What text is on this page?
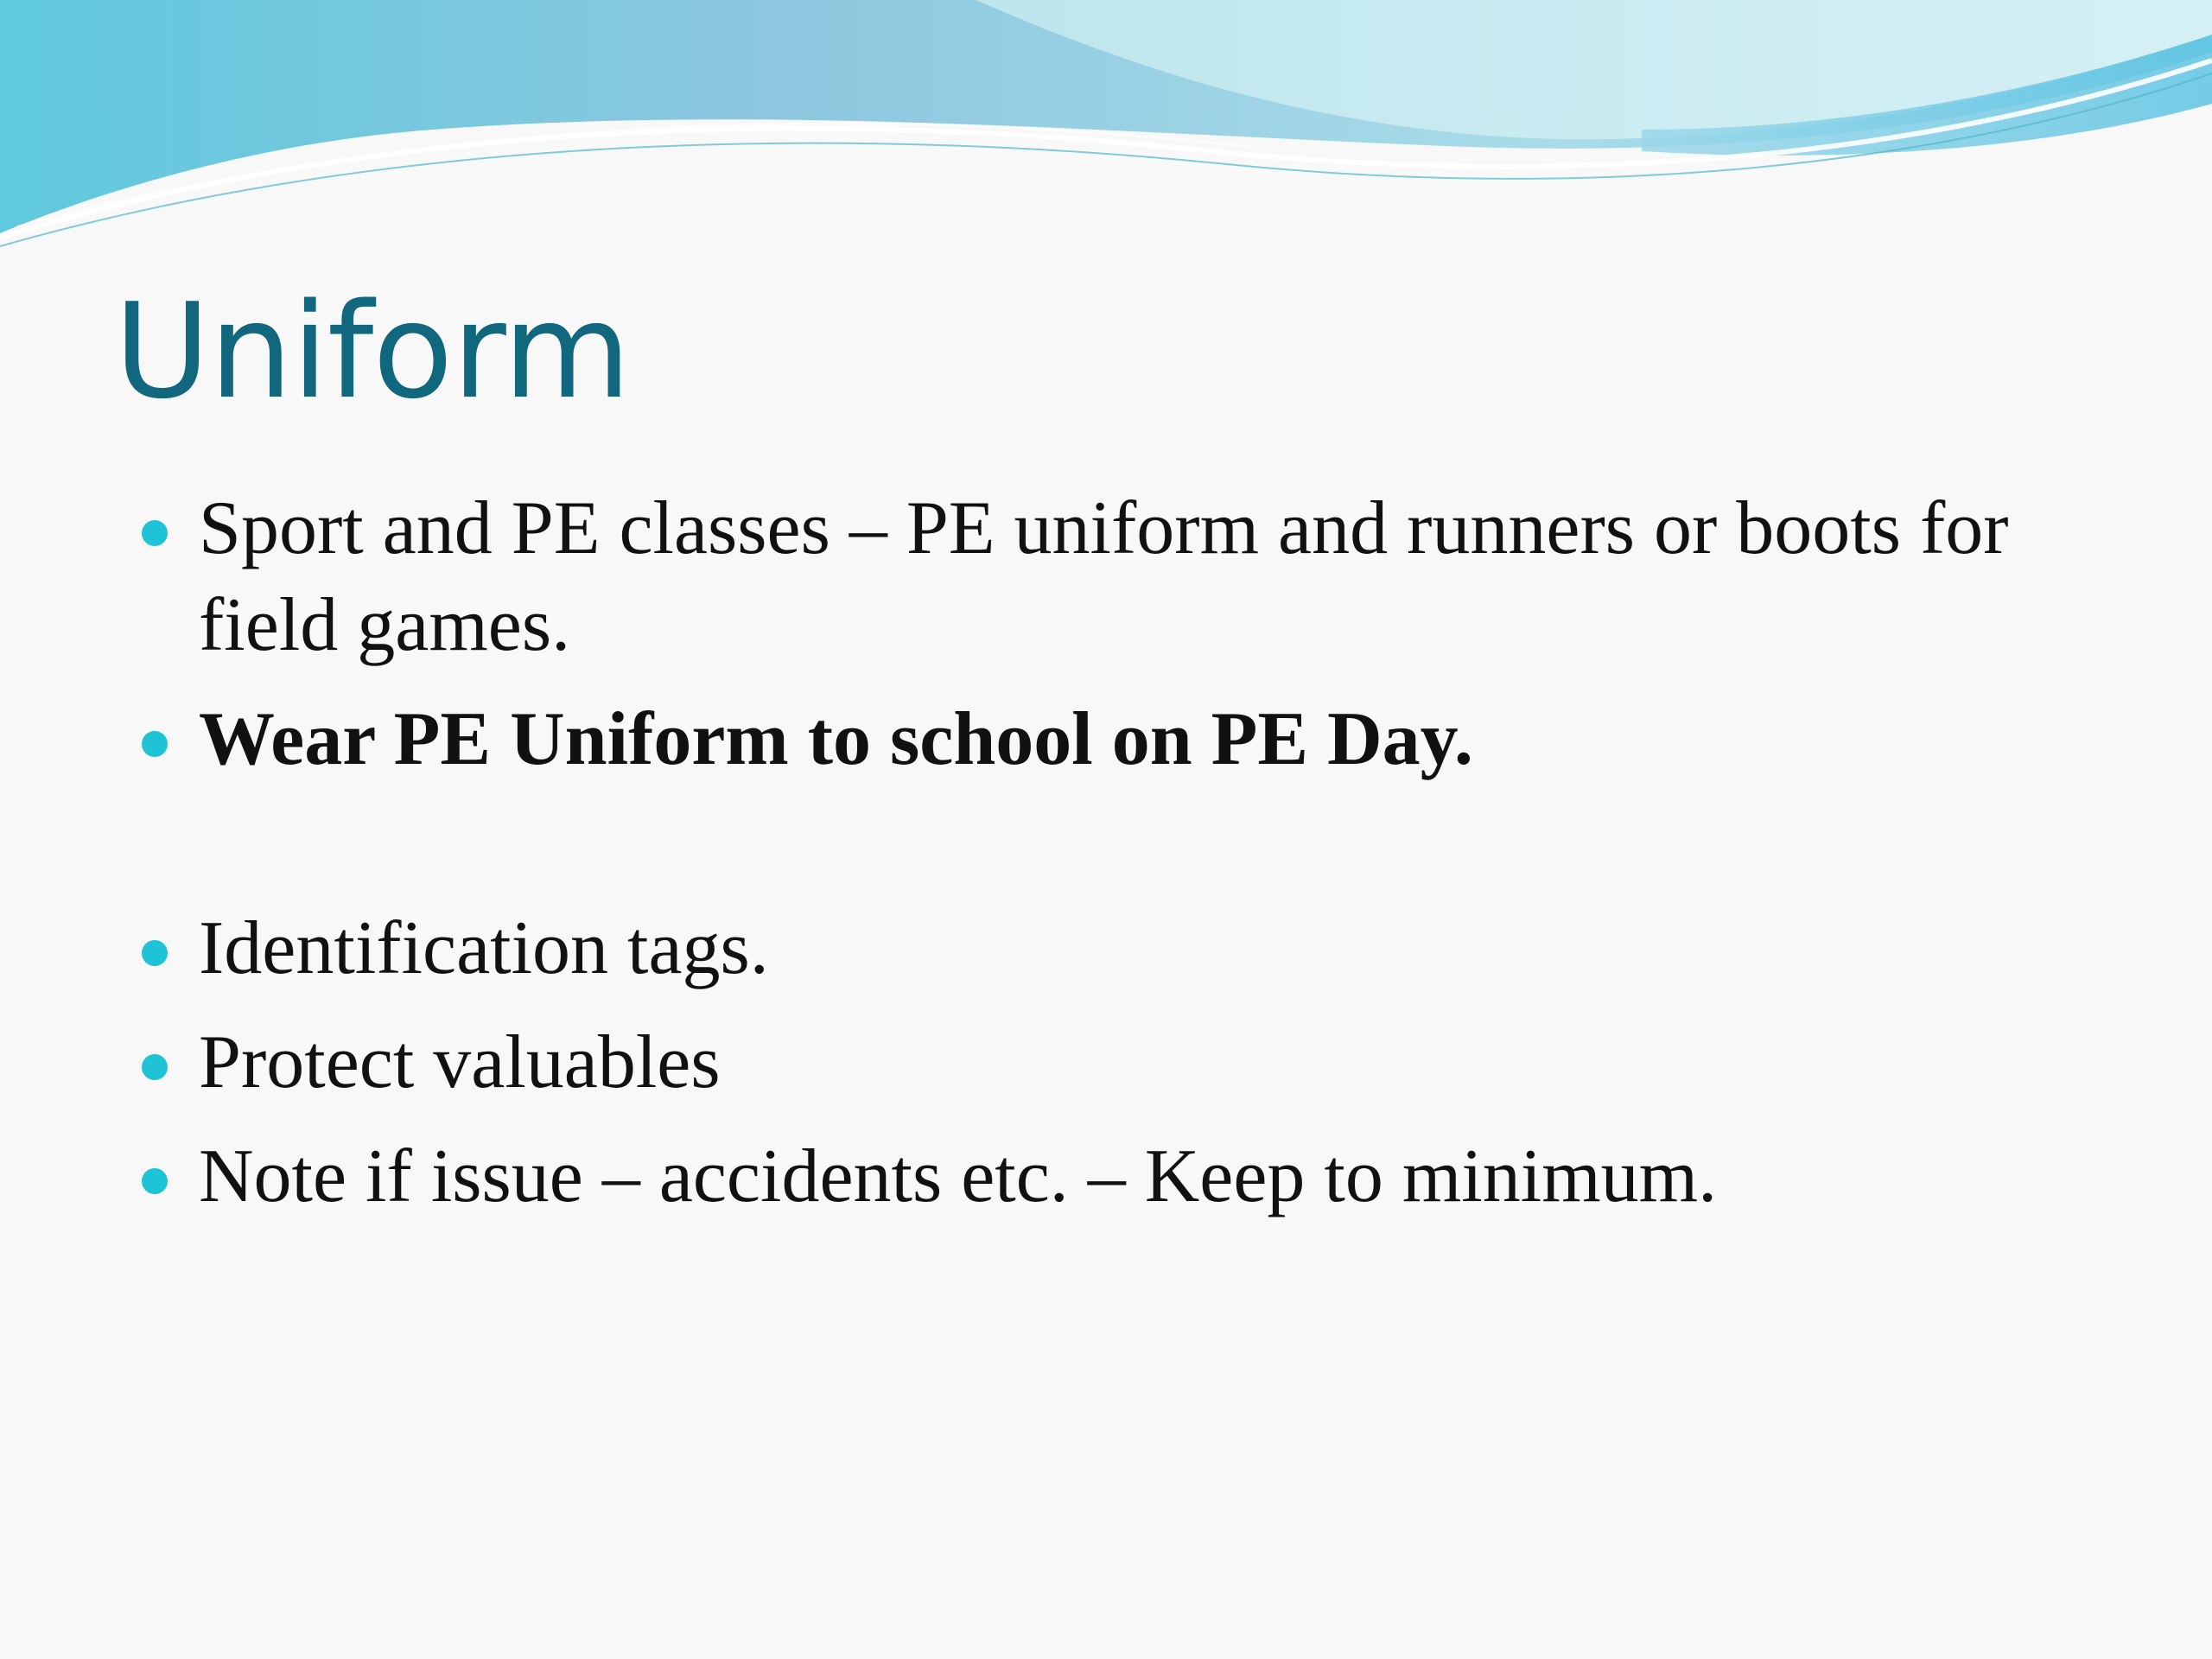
Uniform
Sport and PE classes – PE uniform and runners or boots for field games.
Wear PE Uniform to school on PE Day.
Identification tags.
Protect valuables
Note if issue – accidents etc. – Keep to minimum.
